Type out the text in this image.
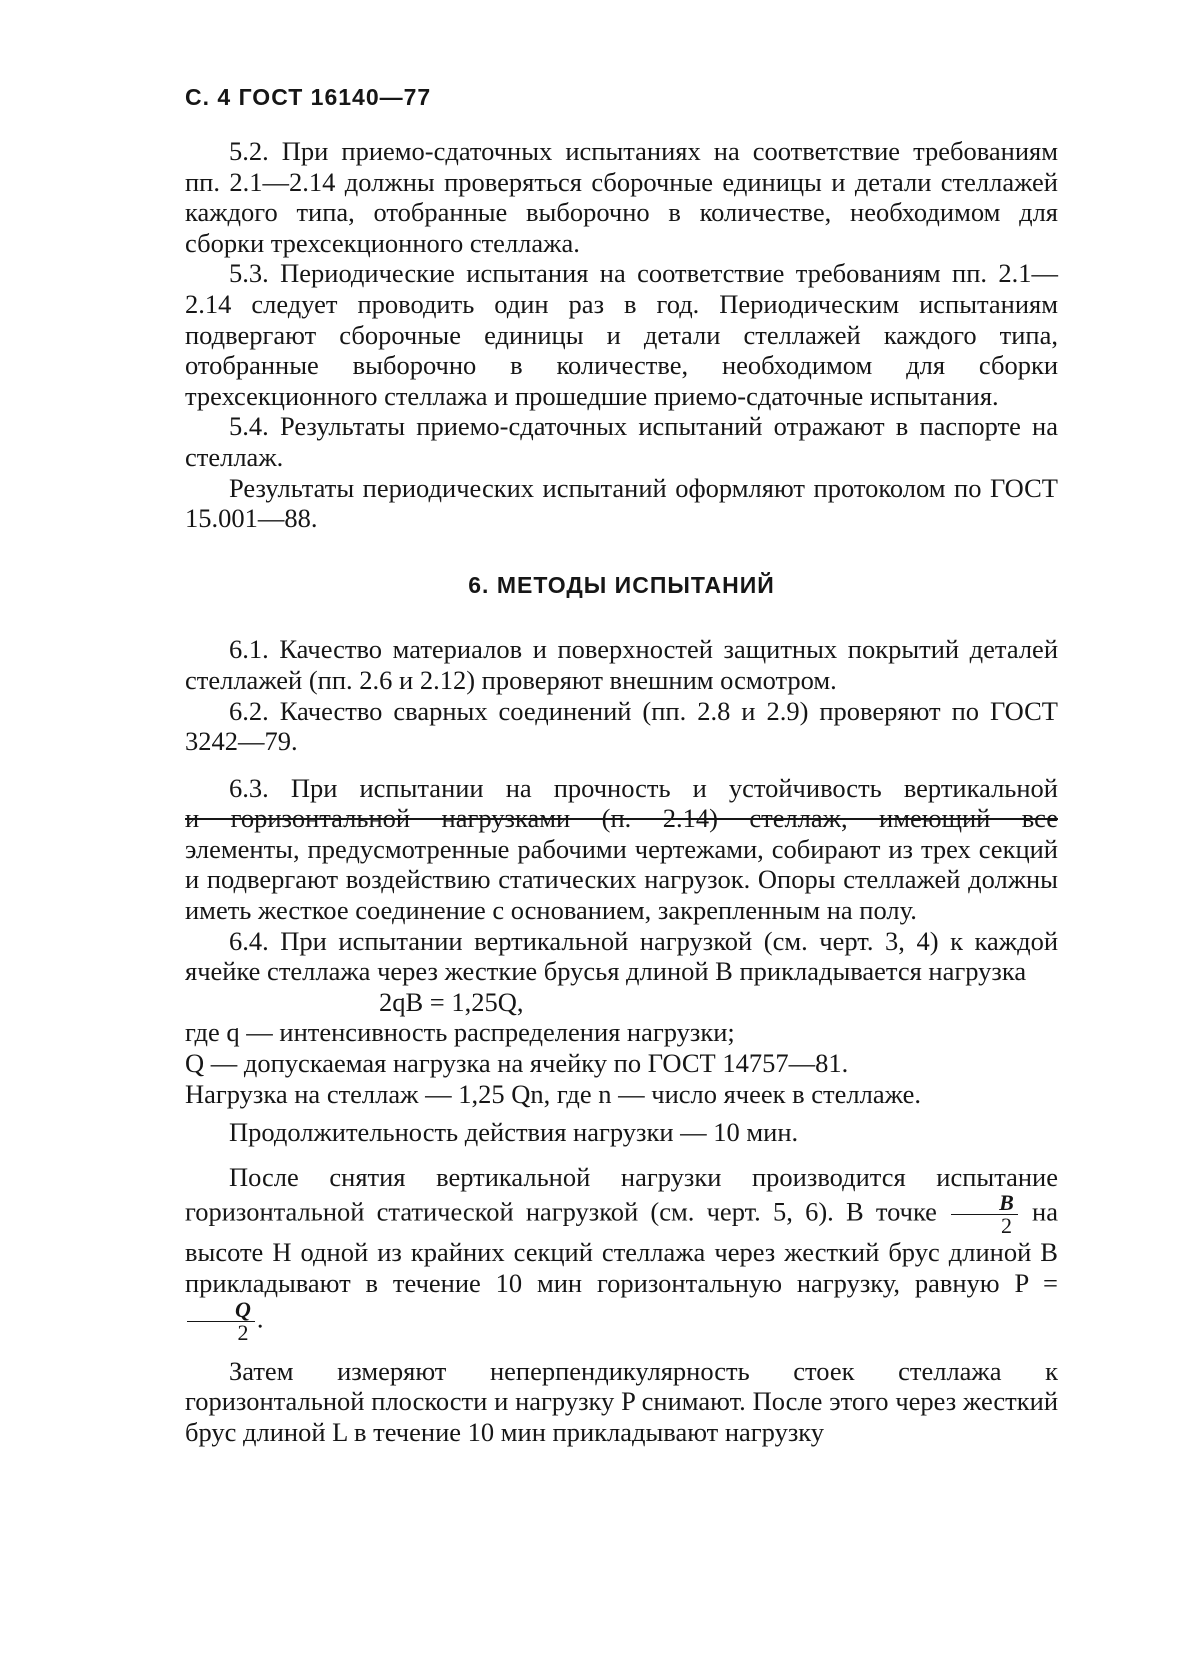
С. 4 ГОСТ 16140—77

5.2. При приемо-сдаточных испытаниях на соответствие требованиям пп. 2.1—2.14 должны проверяться сборочные единицы и детали стеллажей каждого типа, отобранные выборочно в количестве, необходимом для сборки трехсекционного стеллажа.

5.3. Периодические испытания на соответствие требованиям пп. 2.1—2.14 следует проводить один раз в год. Периодическим испытаниям подвергают сборочные единицы и детали стеллажей каждого типа, отобранные выборочно в количестве, необходимом для сборки трехсекционного стеллажа и прошедшие приемо-сдаточные испытания.

5.4. Результаты приемо-сдаточных испытаний отражают в паспорте на стеллаж.

Результаты периодических испытаний оформляют протоколом по ГОСТ 15.001—88.

6. МЕТОДЫ ИСПЫТАНИЙ

6.1. Качество материалов и поверхностей защитных покрытий деталей стеллажей (пп. 2.6 и 2.12) проверяют внешним осмотром.

6.2. Качество сварных соединений (пп. 2.8 и 2.9) проверяют по ГОСТ 3242—79.

6.3. При испытании на прочность и устойчивость вертикальной

и горизонтальной нагрузками (п. 2.14) стеллаж, имеющий все

элементы, предусмотренные рабочими чертежами, собирают из трех секций и подвергают воздействию статических нагрузок. Опоры стеллажей должны иметь жесткое соединение с основанием, закрепленным на полу.

6.4. При испытании вертикальной нагрузкой (см. черт. 3, 4) к каждой ячейке стеллажа через жесткие брусья длиной B прикладывается нагрузка

2qB = 1,25Q,

где q — интенсивность распределения нагрузки;

Q — допускаемая нагрузка на ячейку по ГОСТ 14757—81.

Нагрузка на стеллаж — 1,25 Qn, где n — число ячеек в стеллаже.

Продолжительность действия нагрузки — 10 мин.

После снятия вертикальной нагрузки производится испытание горизонтальной статической нагрузкой (см. черт. 5, 6). В точке $\frac{B}{2}$ на высоте H одной из крайних секций стеллажа через жесткий брус длиной B прикладывают в течение 10 мин горизонтальную нагрузку, равную P =
$\frac{Q}{2}$ .

Затем измеряют неперпендикулярность стоек стеллажа к горизонтальной плоскости и нагрузку P снимают. После этого через жесткий брус длиной L в течение 10 мин прикладывают нагрузку
